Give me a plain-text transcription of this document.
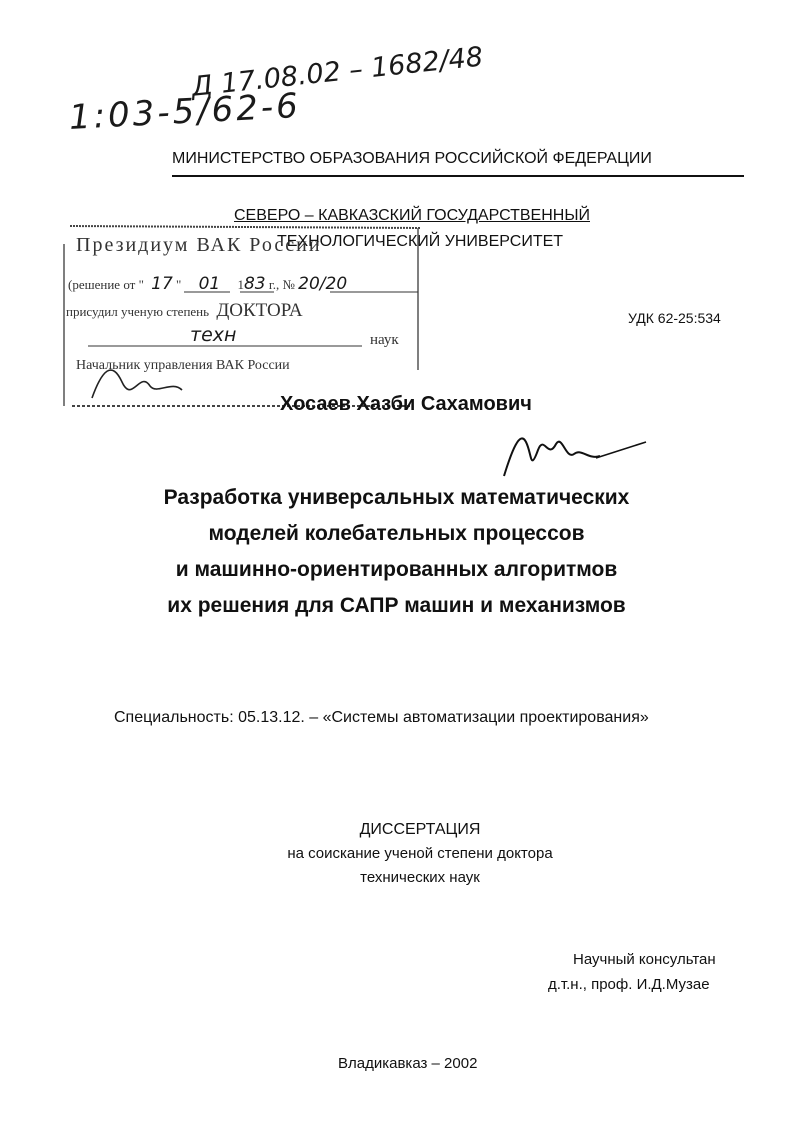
Д 17.08.02 – 1682/48
1:03-5/62-6
МИНИСТЕРСТВО ОБРАЗОВАНИЯ РОССИЙСКОЙ ФЕДЕРАЦИИ
СЕВЕРО – КАВКАЗСКИЙ ГОСУДАРСТВЕННЫЙ
ТЕХНОЛОГИЧЕСКИЙ УНИВЕРСИТЕТ
Президиум ВАК России
(решение от " 17 " 01 183 г., № 20/20
присудил ученую степень ДОКТОРА
техн	наук
Начальник управления ВАК России
УДК 62-25:534
Хосаев Хазби Сахамович
Разработка универсальных математических
моделей колебательных процессов
и машинно-ориентированных алгоритмов
их решения для САПР машин и механизмов
Специальность: 05.13.12. – «Системы автоматизации проектирования»
ДИССЕРТАЦИЯ
на соискание ученой степени доктора
технических наук
Научный консультан
д.т.н., проф. И.Д.Музае
Владикавказ – 2002
